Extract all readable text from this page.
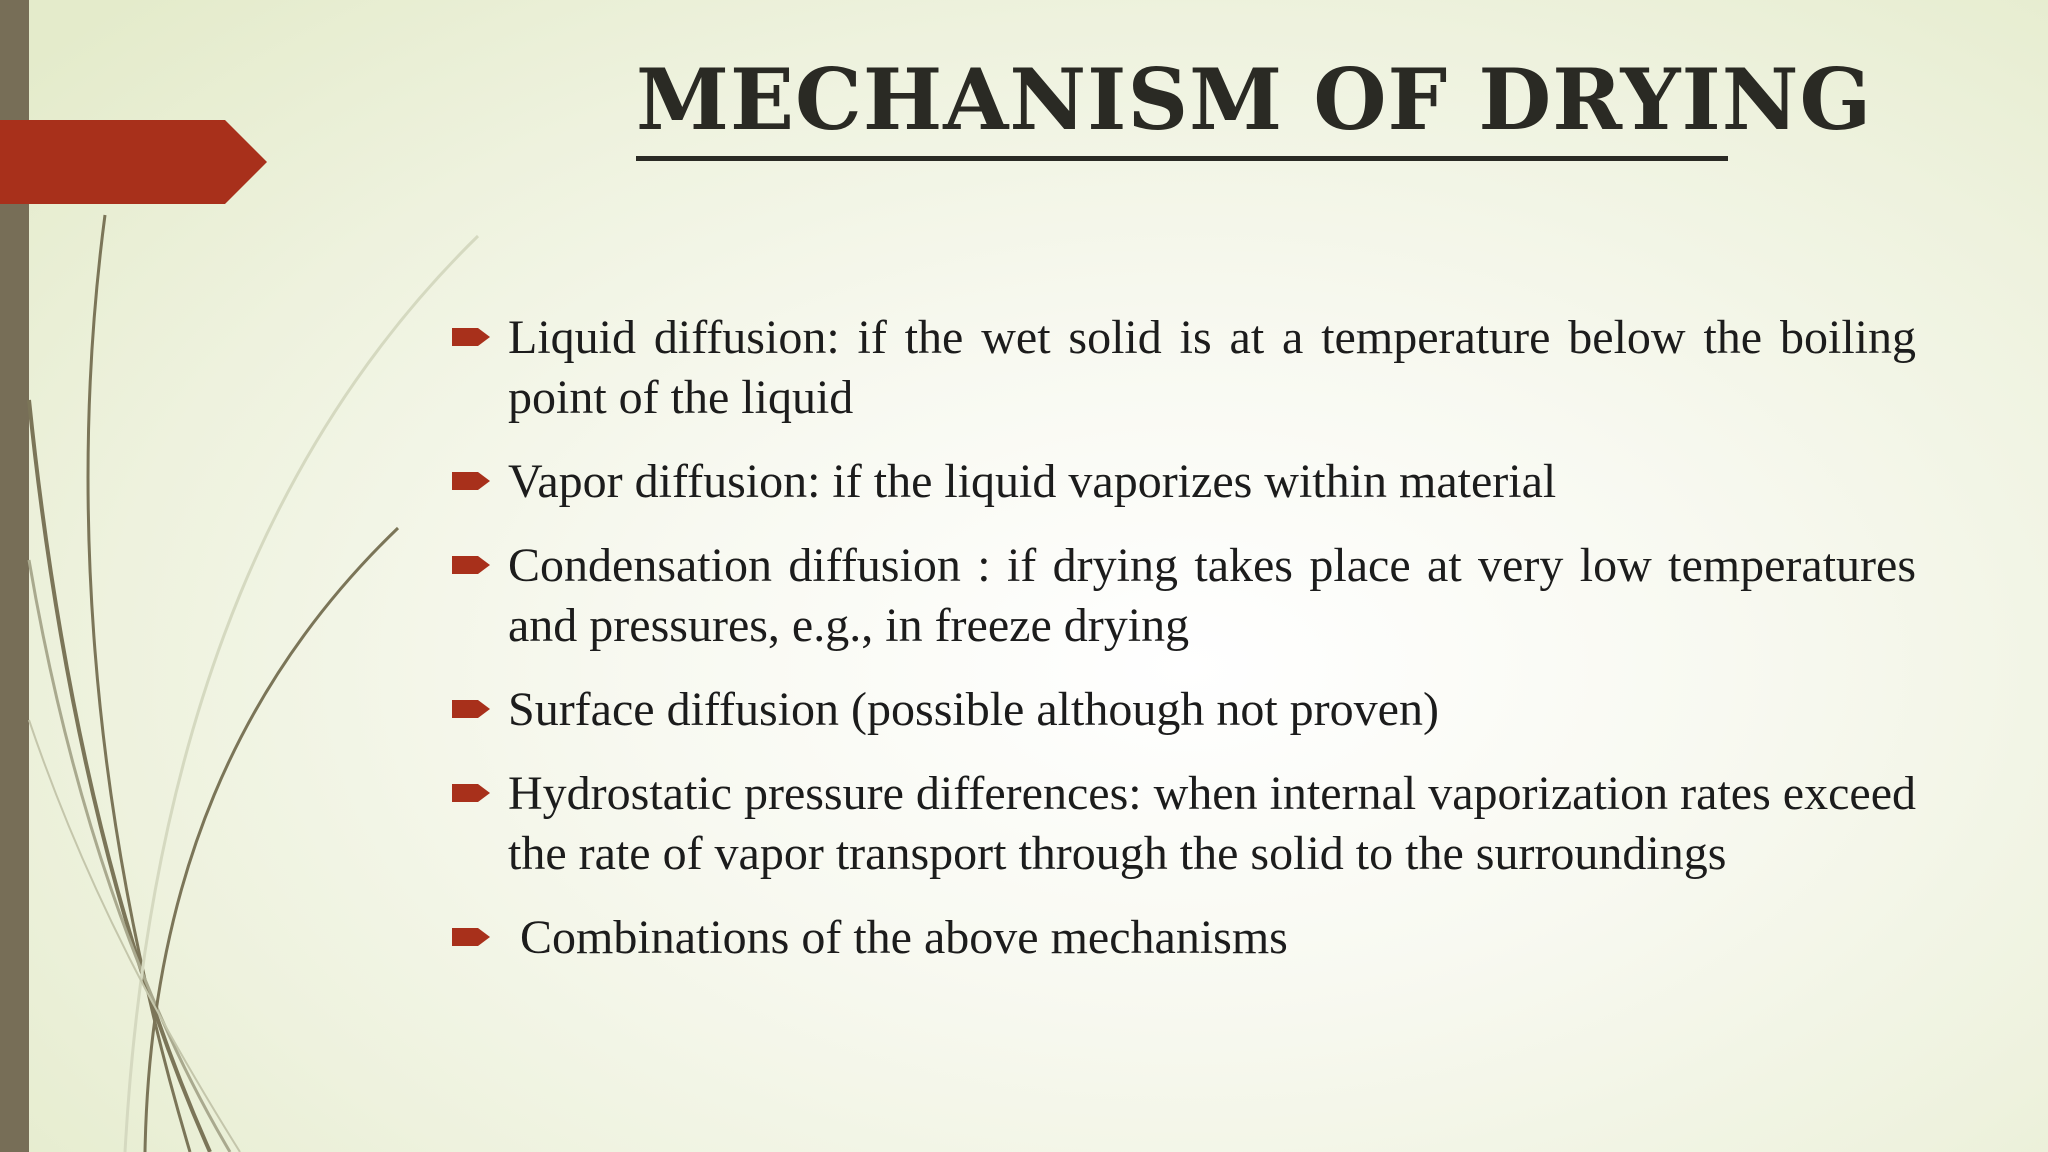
MECHANISM OF DRYING
Liquid diffusion: if the wet solid is at a temperature below the boiling point of the liquid
Vapor diffusion: if the liquid vaporizes within material
Condensation diffusion : if drying takes place at very low temperatures and pressures, e.g., in freeze drying
Surface diffusion (possible although not proven)
Hydrostatic pressure differences: when internal vaporization rates exceed the rate of vapor transport through the solid to the surroundings
Combinations of the above mechanisms
